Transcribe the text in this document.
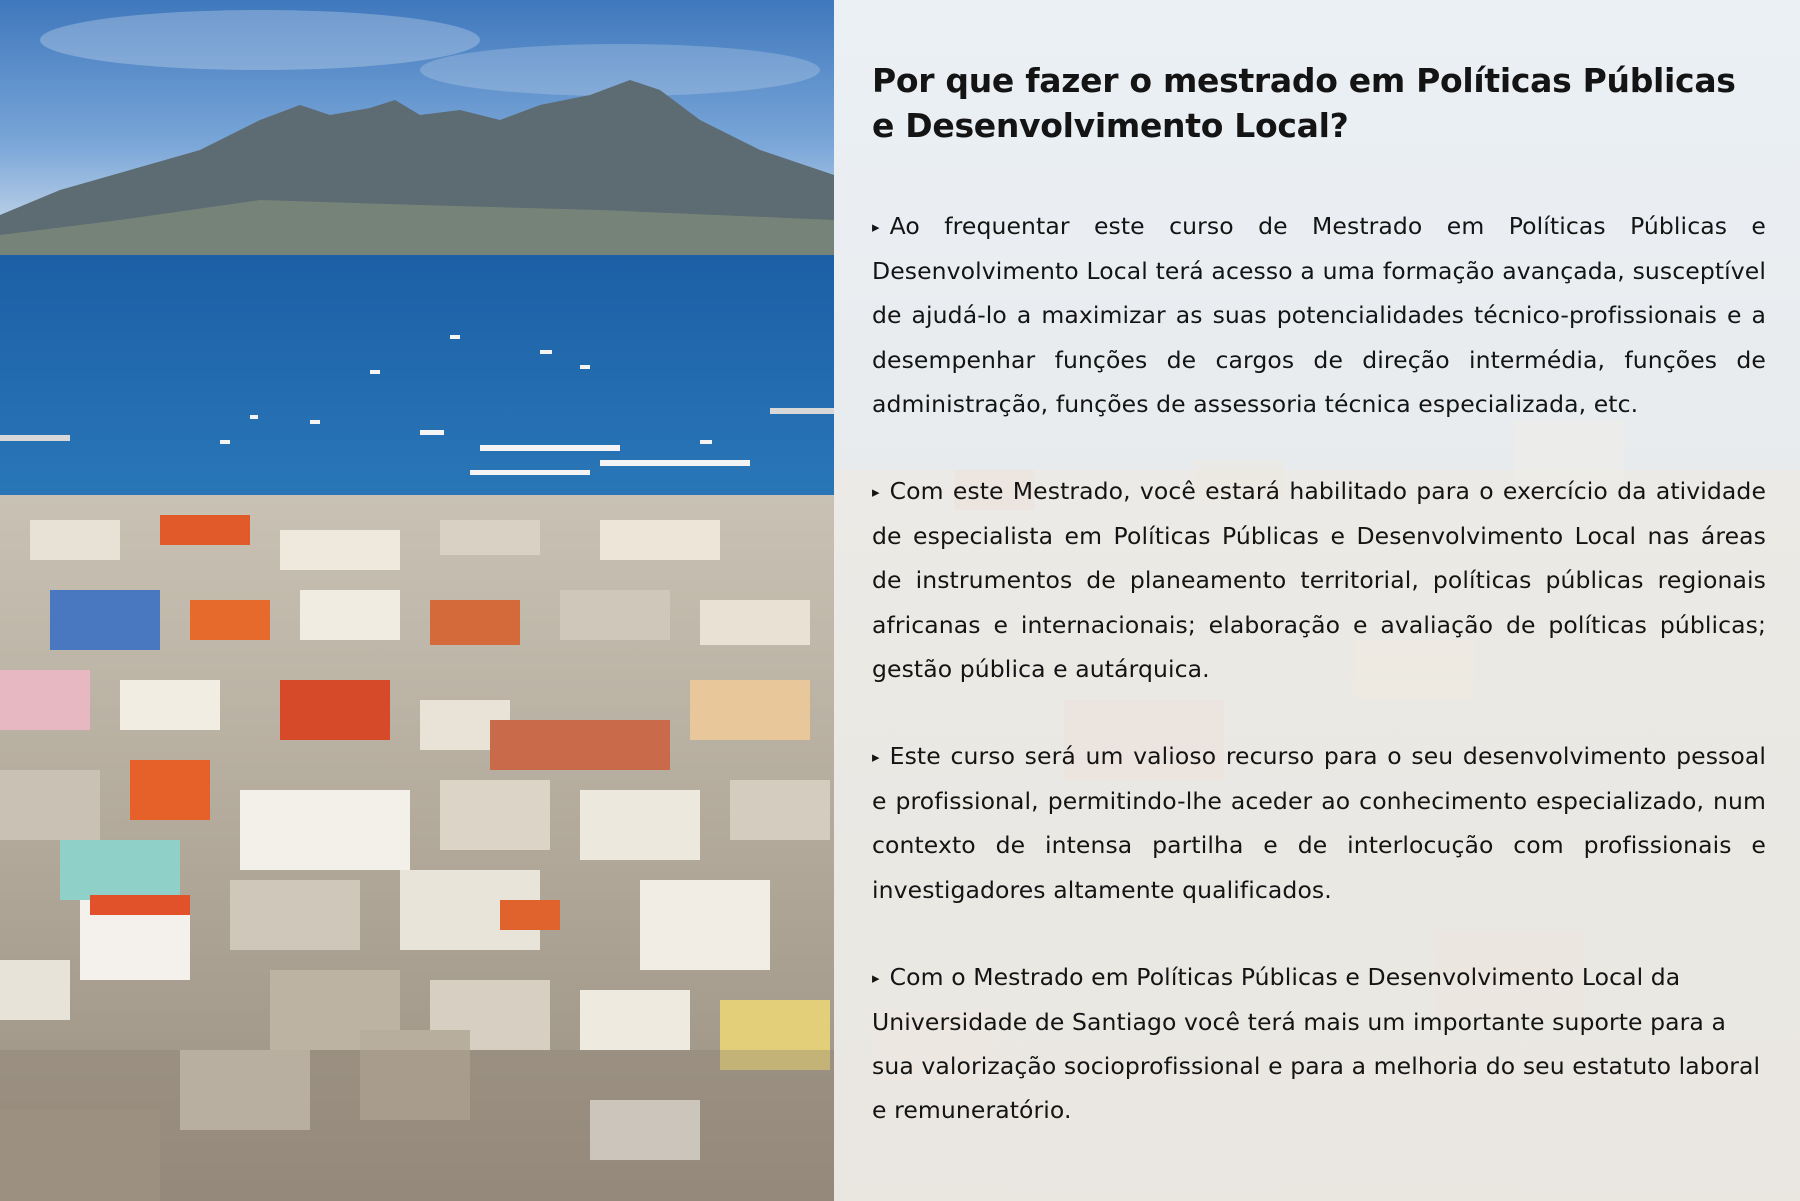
Por que fazer o mestrado em Políticas Públicas e Desenvolvimento Local?

▸ Ao frequentar este curso de Mestrado em Políticas Públicas e Desenvolvimento Local terá acesso a uma formação avançada, susceptível de ajudá-lo a maximizar as suas potencialidades técnico-profissionais e a desempenhar funções de cargos de direção intermédia, funções de administração, funções de assessoria técnica especializada, etc.

▸ Com este Mestrado, você estará habilitado para o exercício da atividade de especialista em Políticas Públicas e Desenvolvimento Local nas áreas de instrumentos de planeamento territorial, políticas públicas regionais africanas e internacionais; elaboração e avaliação de políticas públicas; gestão pública e autárquica.

▸ Este curso será um valioso recurso para o seu desenvolvimento pessoal e profissional, permitindo-lhe aceder ao conhecimento especializado, num contexto de intensa partilha e de interlocução com profissionais e investigadores altamente qualificados.

▸ Com o Mestrado em Políticas Públicas e Desenvolvimento Local da Universidade de Santiago você terá mais um importante suporte para a sua valorização socioprofissional e para a melhoria do seu estatuto laboral e remuneratório.
